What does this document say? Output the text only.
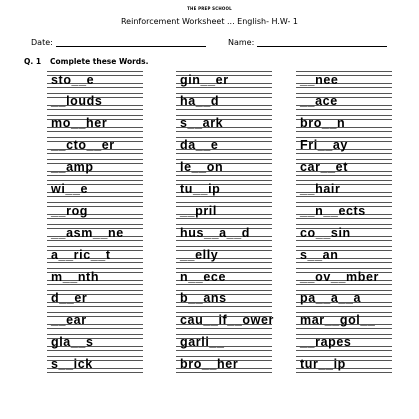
THE PREP SCHOOL
Reinforcement Worksheet ... English- H.W- 1
Date:	Name:
Q. 1 Complete these Words.
sto__e
__louds
mo__her
__cto__er
__amp
wi__e
__rog
__asm__ne
a__ric__t
m__nth
d__er
__ear
gla__s
s__ick
gin__er
ha__d
s__ark
da__e
le__on
tu__ip
__pril
hus__a__d
__elly
n__ece
b__ans
cau__if__ower
garli__
bro__her
__nee
__ace
bro__n
Fri__ay
car__et
__hair
__n__ects
co__sin
s__an
__ov__mber
pa__a__a
mar__gol__
__rapes
tur__ip
